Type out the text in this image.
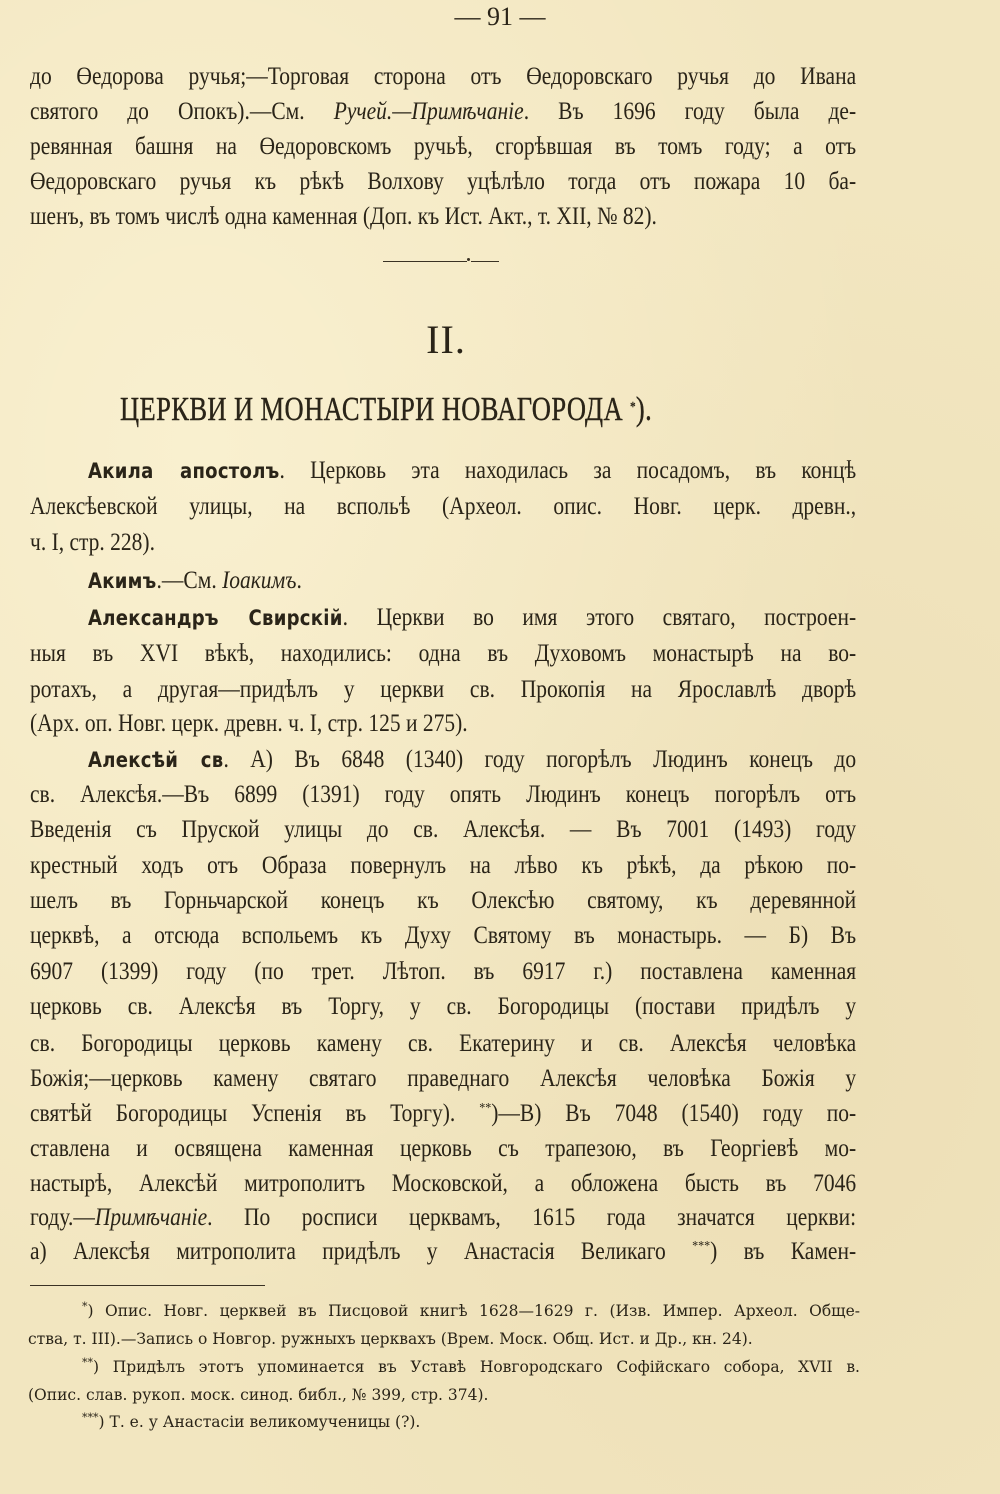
— 91 —
до Өедорова ручья;—Торговая сторона отъ Өедоровскаго ручья до Ивана
святого до Опокъ).—См. Ручей.—Примѣчаніе. Въ 1696 году была де-
ревянная башня на Өедоровскомъ ручьѣ, сгорѣвшая въ томъ году; а отъ
Өедоровскаго ручья къ рѣкѣ Волхову уцѣлѣло тогда отъ пожара 10 ба-
шенъ, въ томъ числѣ одна каменная (Доп. къ Ист. Акт., т. XII, № 82).
II.
ЦЕРКВИ И МОНАСТЫРИ НОВАГОРОДА *).
Акила апостолъ. Церковь эта находилась за посадомъ, въ концѣ
Алексѣевской улицы, на вспольѣ (Археол. опис. Новг. церк. древн.,
ч. I, стр. 228).
Акимъ.—См. Іоакимъ.
Александръ Свирскій. Церкви во имя этого святаго, построен-
ныя въ XVI вѣкѣ, находились: одна въ Духовомъ монастырѣ на во-
ротахъ, а другая—придѣлъ у церкви св. Прокопія на Ярославлѣ дворѣ
(Арх. оп. Новг. церк. древн. ч. I, стр. 125 и 275).
Алексѣй св. А) Въ 6848 (1340) году погорѣлъ Людинъ конецъ до
св. Алексѣя.—Въ 6899 (1391) году опять Людинъ конецъ погорѣлъ отъ
Введенія съ Пруской улицы до св. Алексѣя. — Въ 7001 (1493) году
крестный ходъ отъ Образа повернулъ на лѣво къ рѣкѣ, да рѣкою по-
шелъ въ Горньчарской конецъ къ Олексѣю святому, къ деревянной
церквѣ, а отсюда вспольемъ къ Духу Святому въ монастырь. — Б) Въ
6907 (1399) году (по трет. Лѣтоп. въ 6917 г.) поставлена каменная
церковь св. Алексѣя въ Торгу, у св. Богородицы (постави придѣлъ у
св. Богородицы церковь камену св. Екатерину и св. Алексѣя человѣка
Божія;—церковь камену святаго праведнаго Алексѣя человѣка Божія у
святѣй Богородицы Успенія въ Торгу). **)—В) Въ 7048 (1540) году по-
ставлена и освящена каменная церковь съ трапезою, въ Георгіевѣ мо-
настырѣ, Алексѣй митрополитъ Московской, а обложена бысть въ 7046
году.—Примѣчаніе. По росписи церквамъ, 1615 года значатся церкви:
а) Алексѣя митрополита придѣлъ у Анастасія Великаго ***) въ Камен-
*) Опис. Новг. церквей въ Писцовой книгѣ 1628—1629 г. (Изв. Импер. Археол. Обще-
ства, т. ІІІ).—Запись о Новгор. ружныхъ церквахъ (Врем. Моск. Общ. Ист. и Др., кн. 24).
**) Придѣлъ этотъ упоминается въ Уставѣ Новгородскаго Софійскаго собора, XVII в.
(Опис. слав. рукоп. моск. синод. библ., № 399, стр. 374).
***) Т. е. у Анастасіи великомученицы (?).
